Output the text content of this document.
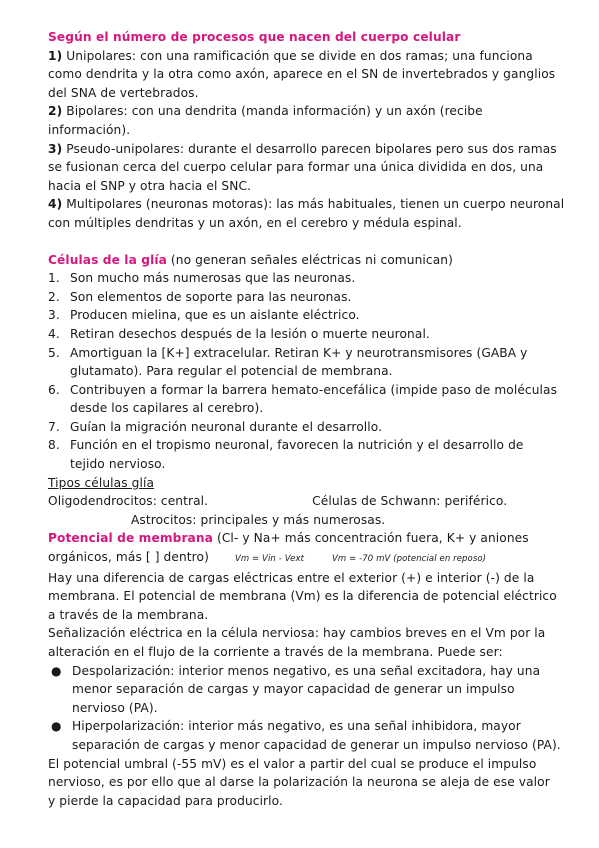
Según el número de procesos que nacen del cuerpo celular
1) Unipolares: con una ramificación que se divide en dos ramas; una funciona
como dendrita y la otra como axón, aparece en el SN de invertebrados y ganglios
del SNA de vertebrados.
2) Bipolares: con una dendrita (manda información) y un axón (recibe
información).
3) Pseudo-unipolares: durante el desarrollo parecen bipolares pero sus dos ramas
se fusionan cerca del cuerpo celular para formar una única dividida en dos, una
hacia el SNP y otra hacia el SNC.
4) Multipolares (neuronas motoras): las más habituales, tienen un cuerpo neuronal
con múltiples dendritas y un axón, en el cerebro y médula espinal.
Células de la glía (no generan señales eléctricas ni comunican)
1. Son mucho más numerosas que las neuronas.
2. Son elementos de soporte para las neuronas.
3. Producen mielina, que es un aislante eléctrico.
4. Retiran desechos después de la lesión o muerte neuronal.
5. Amortiguan la [K+] extracelular. Retiran K+ y neurotransmisores (GABA y
glutamato). Para regular el potencial de membrana.
6. Contribuyen a formar la barrera hemato-encefálica (impide paso de moléculas
desde los capilares al cerebro).
7. Guían la migración neuronal durante el desarrollo.
8. Función en el tropismo neuronal, favorecen la nutrición y el desarrollo de
tejido nervioso.
Tipos células glía
Oligodendrocitos: central.	Células de Schwann: periférico.
Astrocitos: principales y más numerosas.
Potencial de membrana (Cl- y Na+ más concentración fuera, K+ y aniones
orgánicos, más [ ] dentro)	Vm = Vin - Vext	Vm = -70 mV (potencial en reposo)
Hay una diferencia de cargas eléctricas entre el exterior (+) e interior (-) de la
membrana. El potencial de membrana (Vm) es la diferencia de potencial eléctrico
a través de la membrana.
Señalización eléctrica en la célula nerviosa: hay cambios breves en el Vm por la
alteración en el flujo de la corriente a través de la membrana. Puede ser:
● Despolarización: interior menos negativo, es una señal excitadora, hay una
menor separación de cargas y mayor capacidad de generar un impulso
nervioso (PA).
● Hiperpolarización: interior más negativo, es una señal inhibidora, mayor
separación de cargas y menor capacidad de generar un impulso nervioso (PA).
El potencial umbral (-55 mV) es el valor a partir del cual se produce el impulso
nervioso, es por ello que al darse la polarización la neurona se aleja de ese valor
y pierde la capacidad para producirlo.
